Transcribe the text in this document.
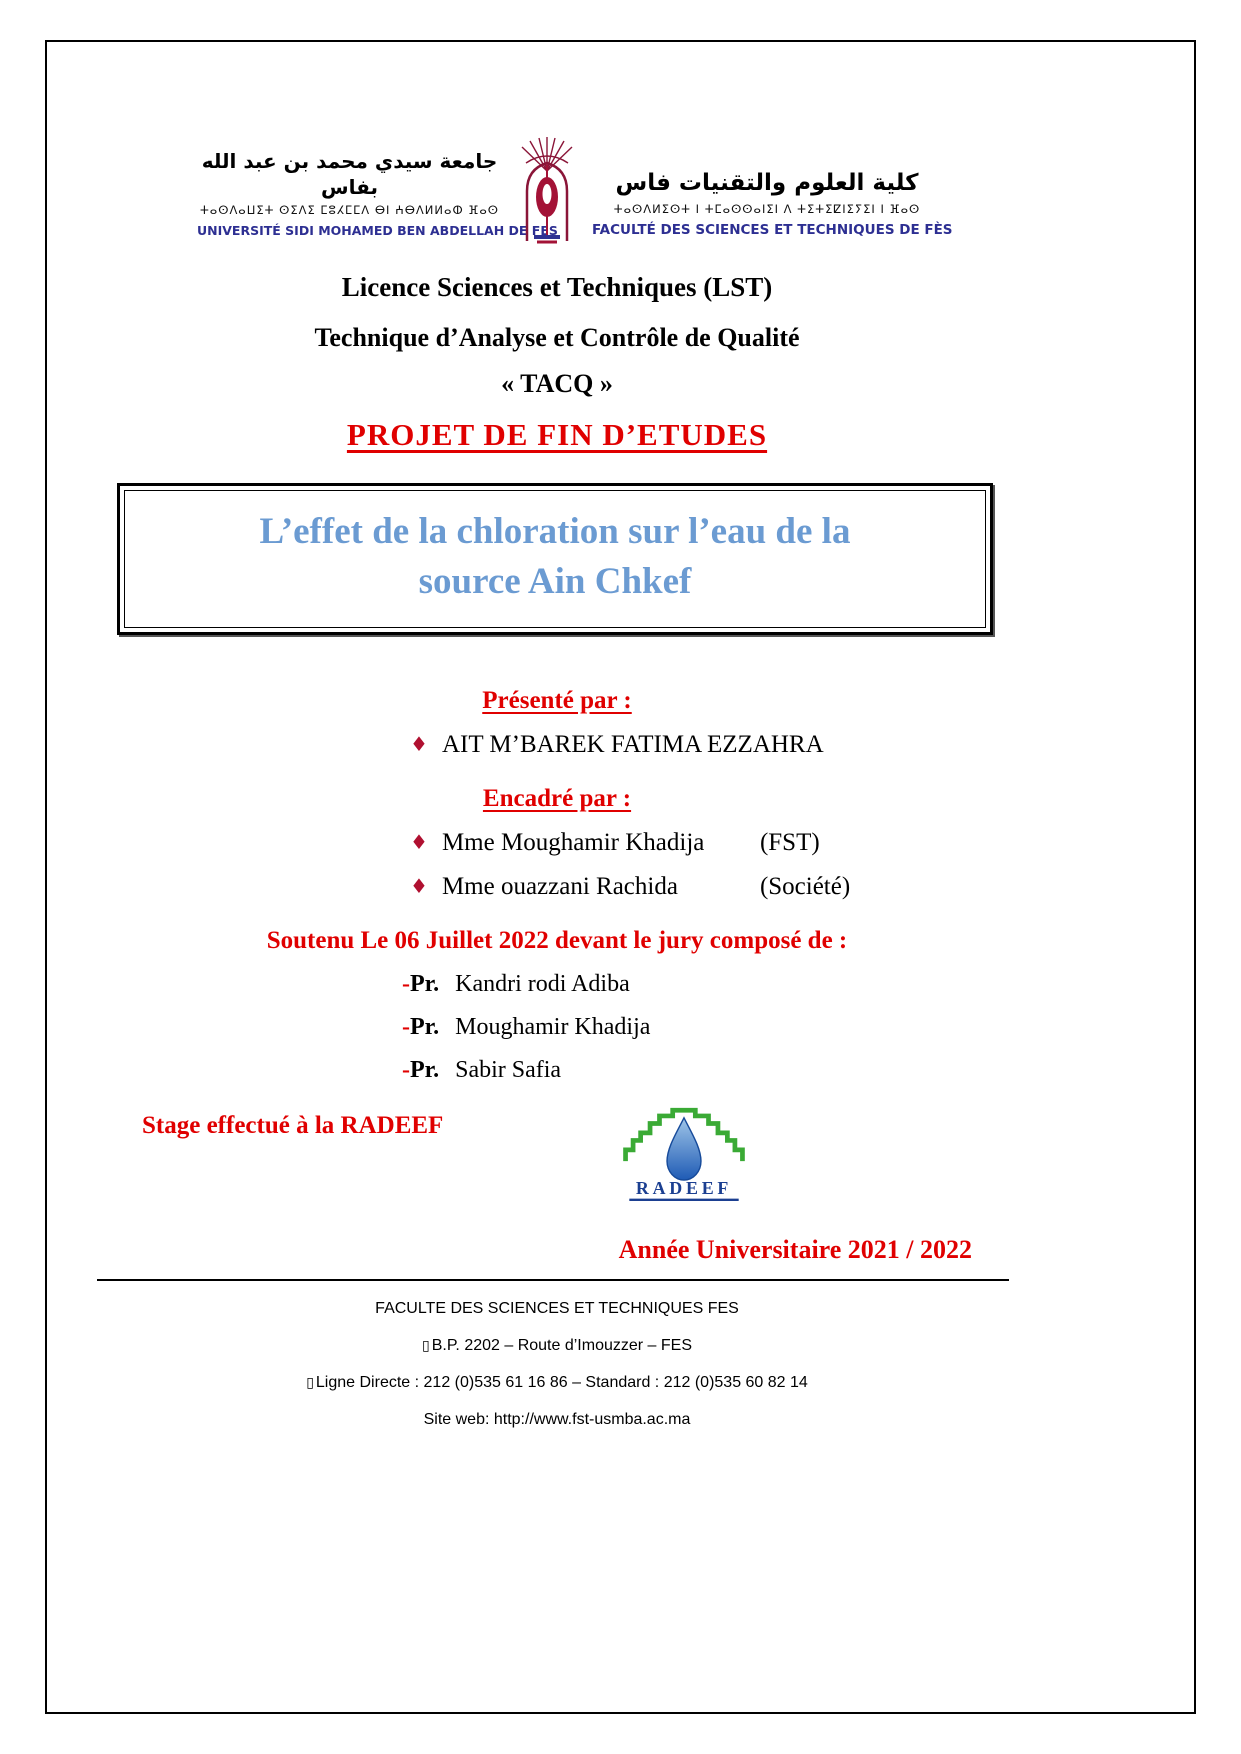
جامعة سيدي محمد بن عبد الله بفاس
ⵜⴰⵙⴷⴰⵡⵉⵜ ⵙⵉⴷⵉ ⵎⵓⵃⵎⵎⴷ ⴱⵏ ⵄⴱⴷⵍⵍⴰⵀ ⴼⴰⵙ
UNIVERSITÉ SIDI MOHAMED BEN ABDELLAH DE FES
كلية العلوم والتقنيات فاس
ⵜⴰⵙⴷⵍⵉⵙⵜ ⵏ ⵜⵎⴰⵙⵙⴰⵏⵉⵏ ⴷ ⵜⵉⵜⵉⵇⵏⵉⵢⵉⵏ ⵏ ⴼⴰⵙ
FACULTÉ DES SCIENCES ET TECHNIQUES DE FÈS
Licence Sciences et Techniques (LST)
Technique d’Analyse et Contrôle de Qualité
« TACQ »
PROJET DE FIN D’ETUDES
L’effet de la chloration sur l’eau de la
source Ain Chkef
Présenté par :
♦ AIT M’BAREK FATIMA EZZAHRA
Encadré par :
♦ Mme Moughamir Khadija (FST)
♦ Mme ouazzani Rachida	(Société)
Soutenu Le 06 Juillet 2022 devant le jury composé de :
-Pr. Kandri rodi Adiba
-Pr. Moughamir Khadija
-Pr. Sabir Safia
Stage effectué à la RADEEF
RADEEF
Année Universitaire 2021 / 2022
FACULTE DES SCIENCES ET TECHNIQUES FES
▯ B.P. 2202 – Route d’Imouzzer – FES
▯ Ligne Directe : 212 (0)535 61 16 86 – Standard : 212 (0)535 60 82 14
Site web: http://www.fst-usmba.ac.ma
